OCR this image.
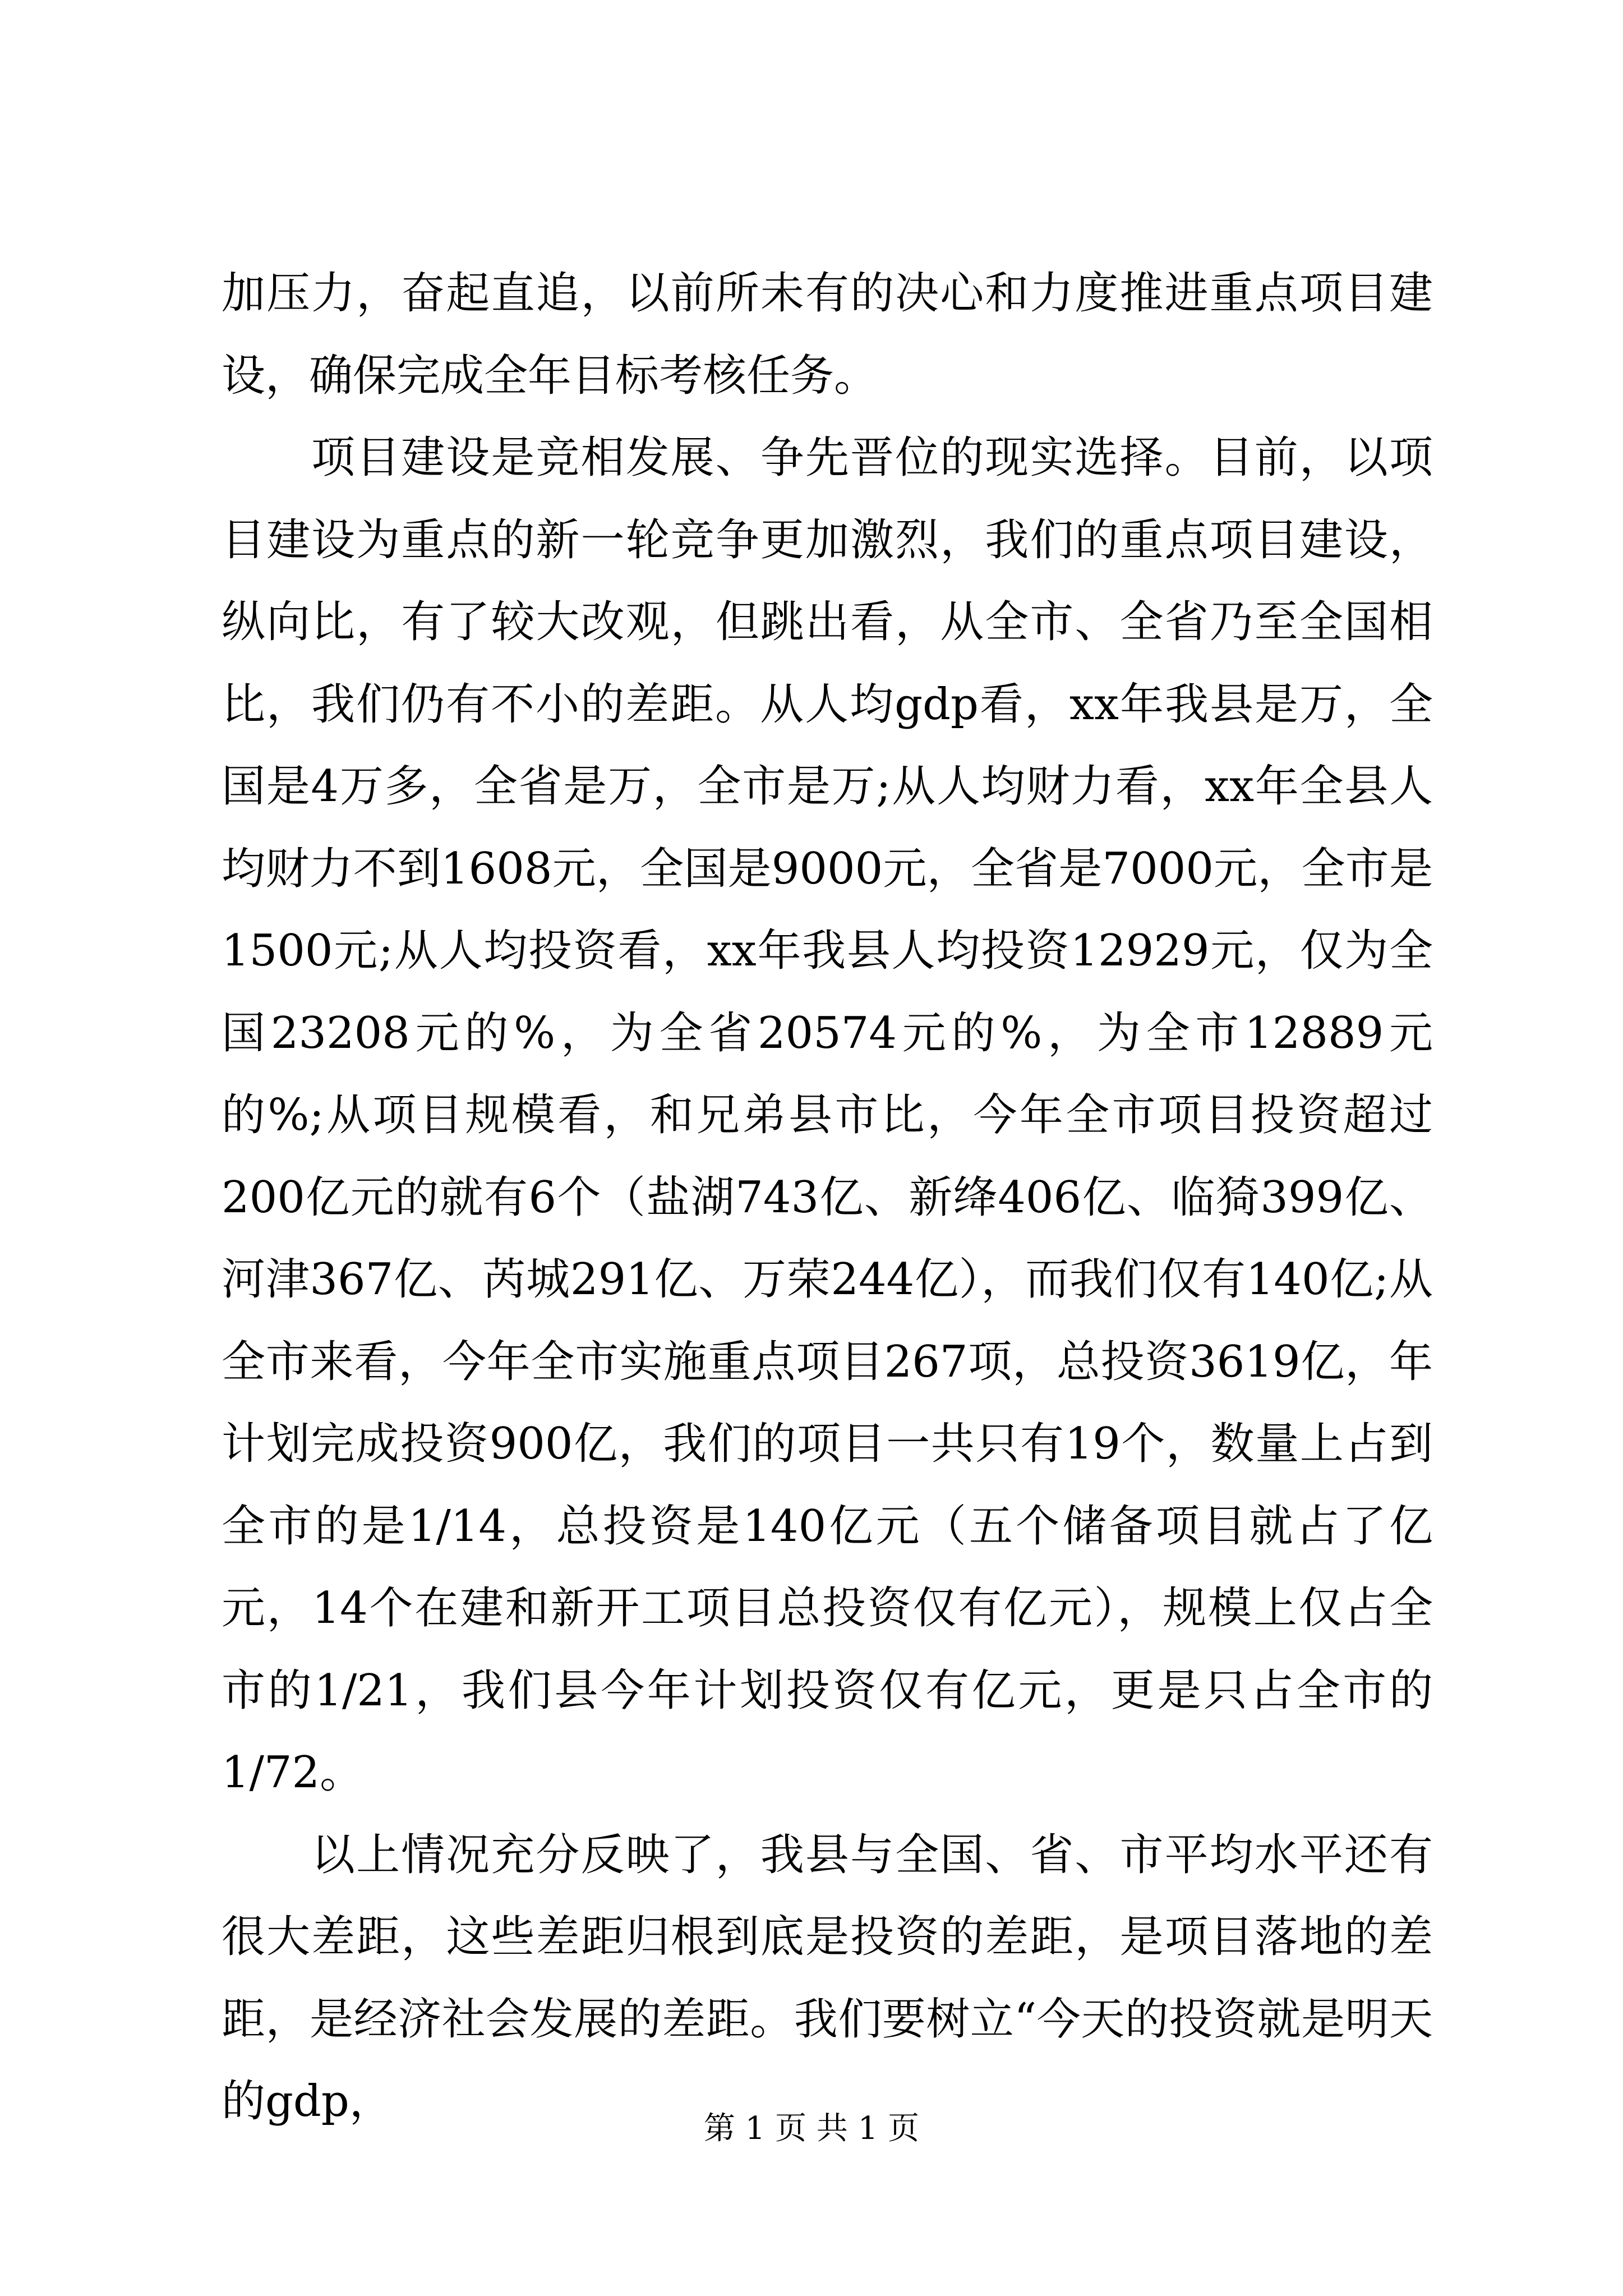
加压力，奋起直追，以前所未有的决心和力度推进重点项目建设，确保完成全年目标考核任务。

项目建设是竞相发展、争先晋位的现实选择。目前，以项目建设为重点的新一轮竞争更加激烈，我们的重点项目建设，纵向比，有了较大改观，但跳出看，从全市、全省乃至全国相比，我们仍有不小的差距。从人均gdp看，xx年我县是万，全国是4万多，全省是万，全市是万;从人均财力看，xx年全县人均财力不到1608元，全国是9000元，全省是7000元，全市是1500元;从人均投资看，xx年我县人均投资12929元，仅为全国23208元的%，为全省20574元的%，为全市12889元的%;从项目规模看，和兄弟县市比，今年全市项目投资超过200亿元的就有6个（盐湖743亿、新绛406亿、临猗399亿、河津367亿、芮城291亿、万荣244亿），而我们仅有140亿;从全市来看，今年全市实施重点项目267项，总投资3619亿，年计划完成投资900亿，我们的项目一共只有19个，数量上占到全市的是1/14，总投资是140亿元（五个储备项目就占了亿元，14个在建和新开工项目总投资仅有亿元），规模上仅占全市的1/21，我们县今年计划投资仅有亿元，更是只占全市的1/72。

以上情况充分反映了，我县与全国、省、市平均水平还有很大差距，这些差距归根到底是投资的差距，是项目落地的差距，是经济社会发展的差距。我们要树立“今天的投资就是明天的gdp，

第 1 页 共 1 页
